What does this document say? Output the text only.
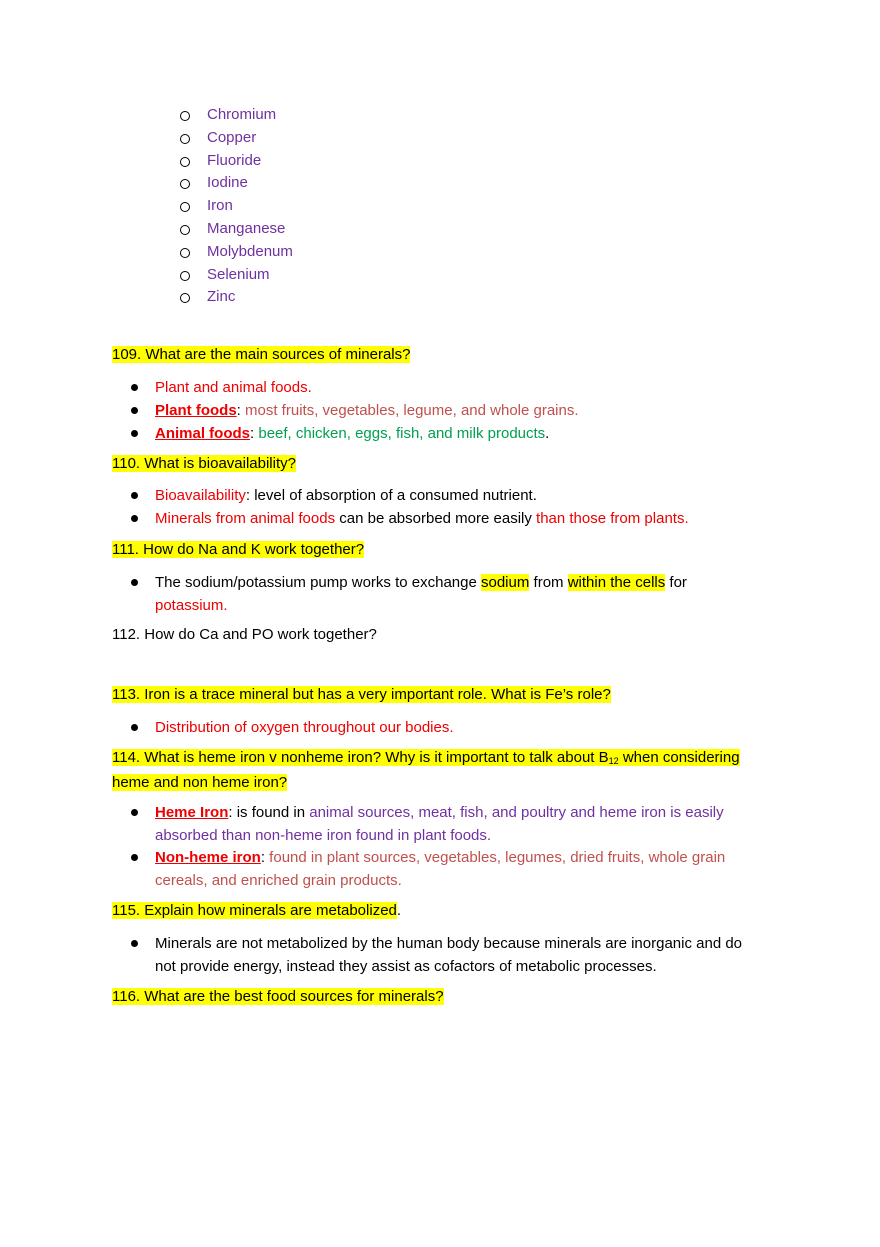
Chromium
Copper
Fluoride
Iodine
Iron
Manganese
Molybdenum
Selenium
Zinc
109. What are the main sources of minerals?
Plant and animal foods.
Plant foods: most fruits, vegetables, legume, and whole grains.
Animal foods: beef, chicken, eggs, fish, and milk products.
110. What is bioavailability?
Bioavailability: level of absorption of a consumed nutrient.
Minerals from animal foods can be absorbed more easily than those from plants.
111. How do Na and K work together?
The sodium/potassium pump works to exchange sodium from within the cells for
potassium.
112. How do Ca and PO work together?
113. Iron is a trace mineral but has a very important role. What is Fe’s role?
Distribution of oxygen throughout our bodies.
114. What is heme iron v nonheme iron? Why is it important to talk about $B_{12}$ when considering
heme and non heme iron?
Heme Iron: is found in animal sources, meat, fish, and poultry and heme iron is easily
absorbed than non-heme iron found in plant foods.
Non-heme iron: found in plant sources, vegetables, legumes, dried fruits, whole grain
cereals, and enriched grain products.
115. Explain how minerals are metabolized.
Minerals are not metabolized by the human body because minerals are inorganic and do
not provide energy, instead they assist as cofactors of metabolic processes.
116. What are the best food sources for minerals?
